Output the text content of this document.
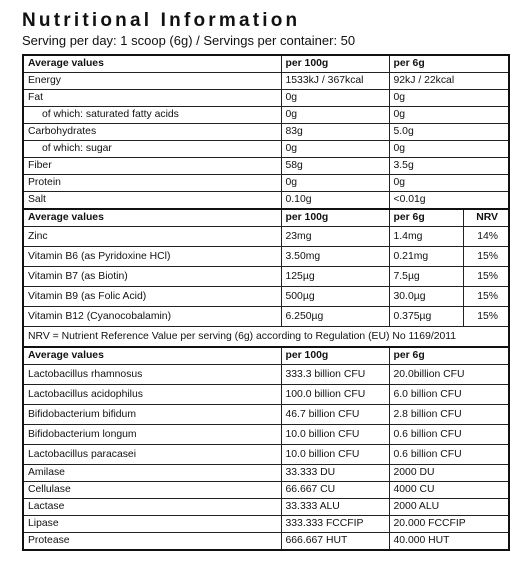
Nutritional Information

Serving per day: 1 scoop (6g) / Servings per container: 50

Average values	per 100g	per 6g	
Energy	1533kJ / 367kcal	92kJ / 22kcal	
Fat	0g	0g	
of which: saturated fatty acids	0g	0g	
Carbohydrates	83g	5.0g	
of which: sugar	0g	0g	
Fiber	58g	3.5g	
Protein	0g	0g	
Salt	0.10g	<0.01g	
Average values	per 100g	per 6g	NRV
Zinc	23mg	1.4mg	14%
Vitamin B6 (as Pyridoxine HCl)	3.50mg	0.21mg	15%
Vitamin B7 (as Biotin)	125µg	7.5µg	15%
Vitamin B9 (as Folic Acid)	500µg	30.0µg	15%
Vitamin B12 (Cyanocobalamin)	6.250µg	0.375µg	15%
NRV = Nutrient Reference Value per serving (6g) according to Regulation (EU) No 1169/2011			
Average values	per 100g	per 6g	
Lactobacillus rhamnosus	333.3 billion CFU	20.0billion CFU	
Lactobacillus acidophilus	100.0 billion CFU	6.0 billion CFU	
Bifidobacterium bifidum	46.7 billion CFU	2.8 billion CFU	
Bifidobacterium longum	10.0 billion CFU	0.6 billion CFU	
Lactobacillus paracasei	10.0 billion CFU	0.6 billion CFU	
Amilase	33.333 DU	2000 DU	
Cellulase	66.667 CU	4000 CU	
Lactase	33.333 ALU	2000 ALU	
Lipase	333.333 FCCFIP	20.000 FCCFIP	
Protease	666.667 HUT	40.000 HUT	
